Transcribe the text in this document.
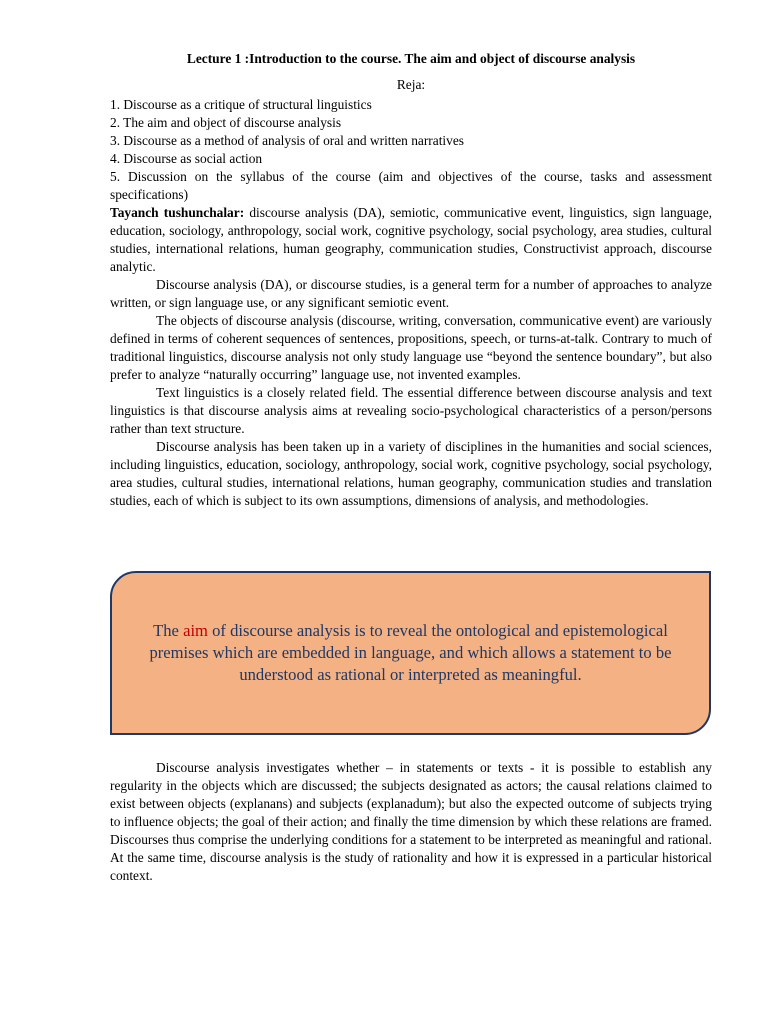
Lecture 1 :Introduction to the course. The aim and object of discourse analysis
Reja:
1. Discourse as a critique of structural linguistics
2. The aim and object of discourse analysis
3. Discourse as a method of analysis of oral and written narratives
4. Discourse as social action
5. Discussion on the syllabus of the course (aim and objectives of the course, tasks and assessment specifications)

Tayanch tushunchalar: discourse analysis (DA), semiotic, communicative event, linguistics, sign language, education, sociology, anthropology, social work, cognitive psychology, social psychology, area studies, cultural studies, international relations, human geography, communication studies, Constructivist approach, discourse analytic.

Discourse analysis (DA), or discourse studies, is a general term for a number of approaches to analyze written, or sign language use, or any significant semiotic event.

The objects of discourse analysis (discourse, writing, conversation, communicative event) are variously defined in terms of coherent sequences of sentences, propositions, speech, or turns-at-talk. Contrary to much of traditional linguistics, discourse analysis not only study language use “beyond the sentence boundary”, but also prefer to analyze “naturally occurring” language use, not invented examples.

Text linguistics is a closely related field. The essential difference between discourse analysis and text linguistics is that discourse analysis aims at revealing socio-psychological characteristics of a person/persons rather than text structure.

Discourse analysis has been taken up in a variety of disciplines in the humanities and social sciences, including linguistics, education, sociology, anthropology, social work, cognitive psychology, social psychology, area studies, cultural studies, international relations, human geography, communication studies and translation studies, each of which is subject to its own assumptions, dimensions of analysis, and methodologies.

The aim of discourse analysis is to reveal the ontological and epistemological premises which are embedded in language, and which allows a statement to be understood as rational or interpreted as meaningful.

Discourse analysis investigates whether – in statements or texts - it is possible to establish any regularity in the objects which are discussed; the subjects designated as actors; the causal relations claimed to exist between objects (explanans) and subjects (explanadum); but also the expected outcome of subjects trying to influence objects; the goal of their action; and finally the time dimension by which these relations are framed. Discourses thus comprise the underlying conditions for a statement to be interpreted as meaningful and rational. At the same time, discourse analysis is the study of rationality and how it is expressed in a particular historical context.
